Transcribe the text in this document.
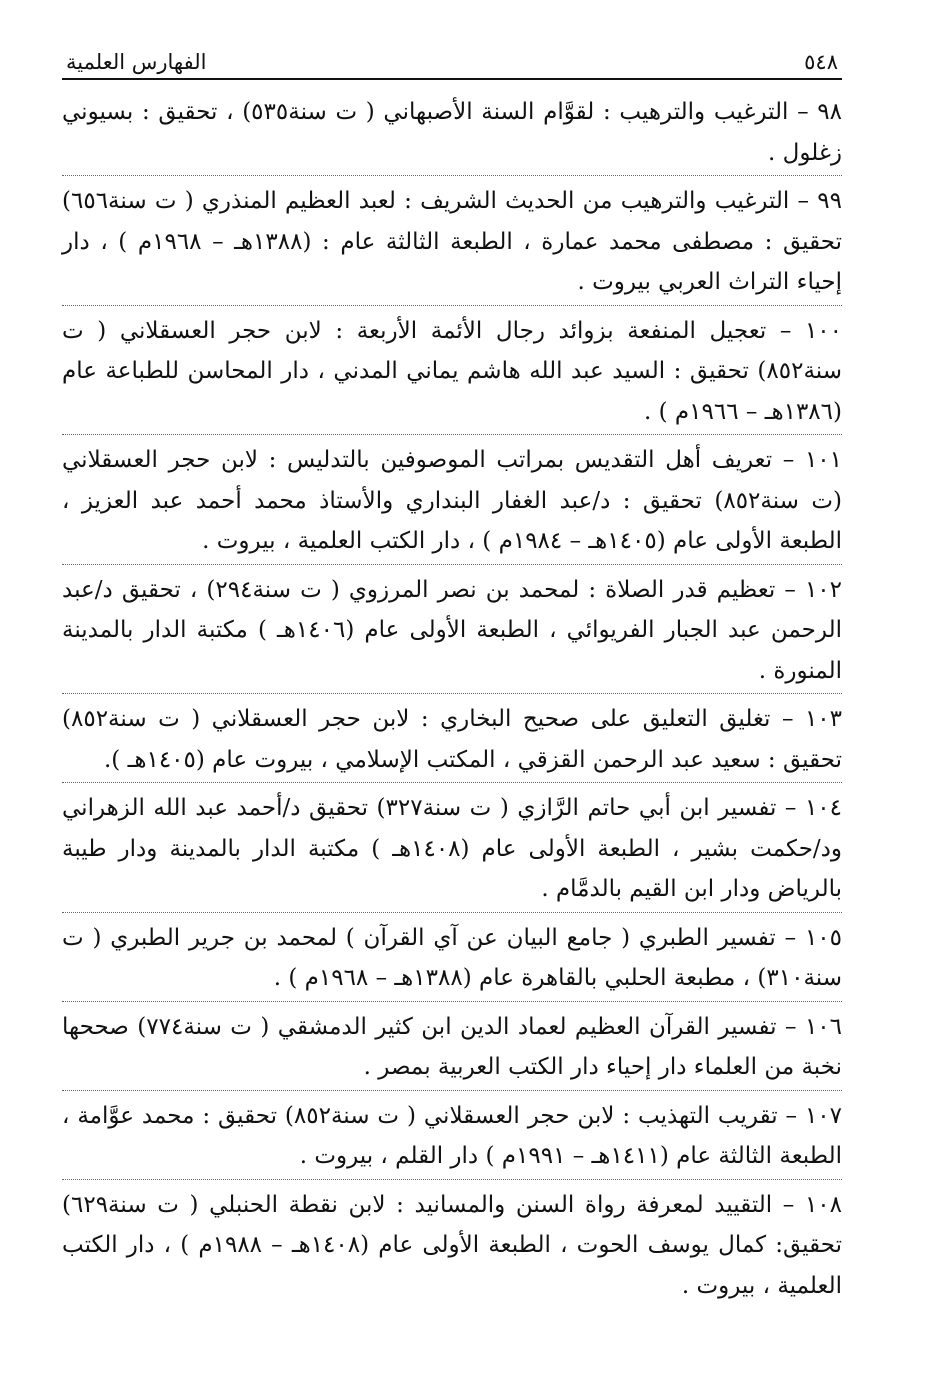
٥٤٨
الفهارس العلمية

٩٨ – الترغيب والترهيب : لقوَّام السنة الأصبهاني ( ت سنة٥٣٥) ، تحقيق : بسيوني زغلول .

٩٩ – الترغيب والترهيب من الحديث الشريف : لعبد العظيم المنذري ( ت سنة٦٥٦) تحقيق : مصطفى محمد عمارة ، الطبعة الثالثة عام : (١٣٨٨هـ – ١٩٦٨م ) ، دار إحياء التراث العربي بيروت .

١٠٠ – تعجيل المنفعة بزوائد رجال الأئمة الأربعة : لابن حجر العسقلاني ( ت سنة٨٥٢) تحقيق : السيد عبد الله هاشم يماني المدني ، دار المحاسن للطباعة عام (١٣٨٦هـ – ١٩٦٦م ) .

١٠١ – تعريف أهل التقديس بمراتب الموصوفين بالتدليس : لابن حجر العسقلاني (ت سنة٨٥٢) تحقيق : د/عبد الغفار البنداري والأستاذ محمد أحمد عبد العزيز ، الطبعة الأولى عام (١٤٠٥هـ – ١٩٨٤م ) ، دار الكتب العلمية ، بيروت .

١٠٢ – تعظيم قدر الصلاة : لمحمد بن نصر المرزوي ( ت سنة٢٩٤) ، تحقيق د/عبد الرحمن عبد الجبار الفريوائي ، الطبعة الأولى عام (١٤٠٦هـ ) مكتبة الدار بالمدينة المنورة .

١٠٣ – تغليق التعليق على صحيح البخاري : لابن حجر العسقلاني ( ت سنة٨٥٢) تحقيق : سعيد عبد الرحمن القزقي ، المكتب الإسلامي ، بيروت عام (١٤٠٥هـ ).

١٠٤ – تفسير ابن أبي حاتم الرَّازي ( ت سنة٣٢٧) تحقيق د/أحمد عبد الله الزهراني ود/حكمت بشير ، الطبعة الأولى عام (١٤٠٨هـ ) مكتبة الدار بالمدينة ودار طيبة بالرياض ودار ابن القيم بالدمَّام .

١٠٥ – تفسير الطبري ( جامع البيان عن آي القرآن ) لمحمد بن جرير الطبري ( ت سنة٣١٠) ، مطبعة الحلبي بالقاهرة عام (١٣٨٨هـ – ١٩٦٨م ) .

١٠٦ – تفسير القرآن العظيم لعماد الدين ابن كثير الدمشقي ( ت سنة٧٧٤) صححها نخبة من العلماء دار إحياء دار الكتب العربية بمصر .

١٠٧ – تقريب التهذيب : لابن حجر العسقلاني ( ت سنة٨٥٢) تحقيق : محمد عوَّامة ، الطبعة الثالثة عام (١٤١١هـ – ١٩٩١م ) دار القلم ، بيروت .

١٠٨ – التقييد لمعرفة رواة السنن والمسانيد : لابن نقطة الحنبلي ( ت سنة٦٢٩) تحقيق: كمال يوسف الحوت ، الطبعة الأولى عام (١٤٠٨هـ – ١٩٨٨م ) ، دار الكتب العلمية ، بيروت .
